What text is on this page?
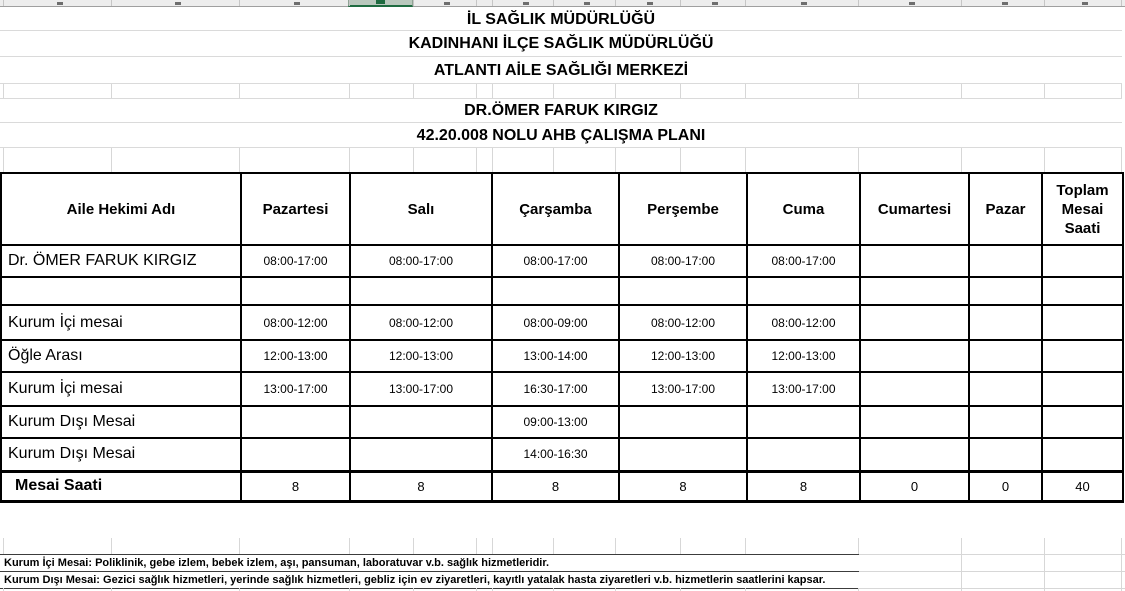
İL SAĞLIK MÜDÜRLÜĞÜ
KADINHANI İLÇE SAĞLIK MÜDÜRLÜĞÜ
ATLANTI AİLE SAĞLIĞI MERKEZİ
DR.ÖMER FARUK KIRGIZ
42.20.008 NOLU AHB ÇALIŞMA PLANI
Aile Hekimi Adı	Pazartesi	Salı	Çarşamba	Perşembe	Cuma	Cumartesi	Pazar	Toplam Mesai Saati
Dr. ÖMER FARUK KIRGIZ	08:00-17:00	08:00-17:00	08:00-17:00	08:00-17:00	08:00-17:00			

Kurum İçi mesai	08:00-12:00	08:00-12:00	08:00-09:00	08:00-12:00	08:00-12:00			
Öğle Arası	12:00-13:00	12:00-13:00	13:00-14:00	12:00-13:00	12:00-13:00			
Kurum İçi mesai	13:00-17:00	13:00-17:00	16:30-17:00	13:00-17:00	13:00-17:00			
Kurum Dışı Mesai			09:00-13:00					
Kurum Dışı Mesai			14:00-16:30					
Mesai Saati	8	8	8	8	8	0	0	40
Kurum İçi Mesai: Poliklinik, gebe izlem, bebek izlem, aşı, pansuman, laboratuvar v.b. sağlık hizmetleridir.
Kurum Dışı Mesai: Gezici sağlık hizmetleri, yerinde sağlık hizmetleri, gebliz için ev ziyaretleri, kayıtlı yatalak hasta ziyaretleri v.b. hizmetlerin saatlerini kapsar.
